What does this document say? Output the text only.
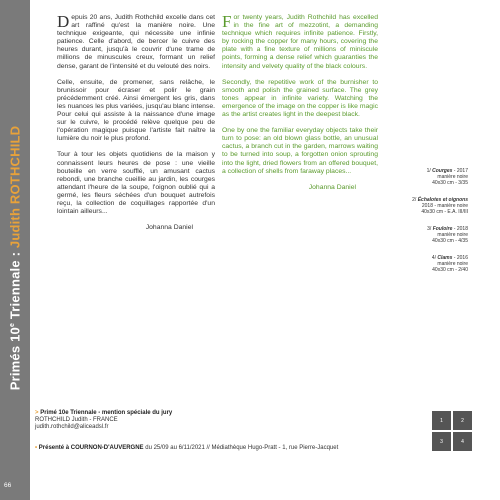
Primés 10e Triennale : Judith ROTHCHILD
66

Depuis 20 ans, Judith Rothchild excelle dans cet art raffiné qu'est la manière noire. Une technique exigeante, qui nécessite une infinie patience. Celle d'abord, de bercer le cuivre des heures durant, jusqu'à le couvrir d'une trame de millions de minuscules creux, formant un relief dense, garant de l'intensité et du velouté des noirs.

Celle, ensuite, de promener, sans relâche, le brunissoir pour écraser et polir le grain précédemment créé. Ainsi émergent les gris, dans les nuances les plus variées, jusqu'au blanc intense. Pour celui qui assiste à la naissance d'une image sur le cuivre, le procédé relève quelque peu de l'opération magique puisque l'artiste fait naître la lumière du noir le plus profond.

Tour à tour les objets quotidiens de la maison y connaissent leurs heures de pose : une vieille bouteille en verre soufflé, un amusant cactus rebondi, une branche cueillie au jardin, les courges attendant l'heure de la soupe, l'oignon oublié qui a germé, les fleurs séchées d'un bouquet autrefois reçu, la collection de coquillages rapportée d'un lointain ailleurs...

Johanna Daniel

For twenty years, Judith Rothchild has excelled in the fine art of mezzotint, a demanding technique which requires infinite patience. Firstly, by rocking the copper for many hours, covering the plate with a fine texture of millions of miniscule points, forming a dense relief which guaranties the intensity and velvety quality of the black colours.

Secondly, the repetitive work of the burnisher to smooth and polish the grained surface. The grey tones appear in infinite variety. Watching the emergence of the image on the copper is like magic as the artist creates light in the deepest black.

One by one the familiar everyday objects take their turn to pose: an old blown glass bottle, an unusual cactus, a branch cut in the garden, marrows waiting to be turned into soup, a forgotten onion sprouting into the light, dried flowers from an offered bouquet, a collection of shells from faraway places...

Johanna Daniel
1/ Courges - 2017
manière noire
40x30 cm - 3/35
2/ Échalotes et oignons
2018 - manière noire
40x30 cm - E.A. III/III
3/ Fouloire - 2018
manière noire
40x30 cm - 4/35
4/ Clams - 2016
manière noire
40x30 cm - 2/40
> Primé 10e Triennale - mention spéciale du jury
ROTHCHILD Judith - FRANCE
judith.rothchild@aliceadsl.fr
• Présenté à COURNON-D'AUVERGNE du 25/09 au 6/11/2021 // Médiathèque Hugo-Pratt - 1, rue Pierre-Jacquet
1	2
3	4
